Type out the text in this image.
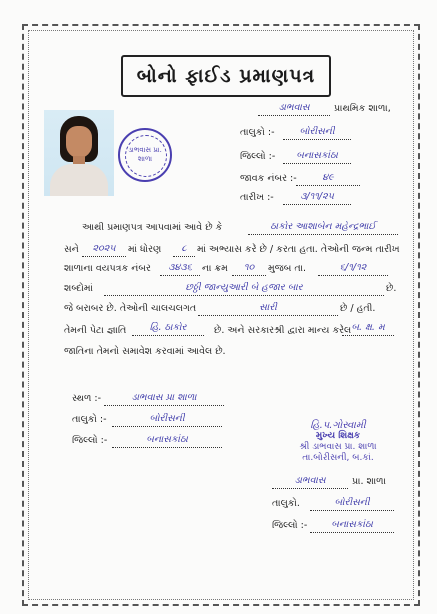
બોનો ફાઈડ પ્રમાણપત્ર
ડાભવાસ પ્રા. શાળા
ડાભવાસ	પ્રાથમિક શાળા,
તાલુકો :-	બોરીસની
જિલ્લો :-	બનાસકાંઠા
જાવક નંબર :-	૪૯
તારીખ :-	૩/૧૧/૨૫
આથી પ્રમાણપત્ર આપવામાં આવે છે કે	ઠાકોર આશાબેન મહેન્દ્રભાઈ
સને	૨૦૨૫	માં ધોરણ	૮	માં અભ્યાસ કરે છે / કરતા હતા. તેઓની જન્મ તારીખ
શાળાના વયપત્રક નંબર	૩૪૩૬	ના ક્રમ	૧૦	મુજબ તા.	૬/૧/૧૨
શબ્દોમાં	છઠ્ઠી જાન્યુઆરી બે હજાર બાર	છે.
જે બરાબર છે. તેઓની ચાલચલગત	સારી	છે / હતી.
તેમની પેટા જ્ઞાતિ	હિ. ઠાકોર	છે. અને સરકારશ્રી દ્વારા માન્ય કરેલ બ. ક્ષ. મ
જાતિના તેમનો સમાવેશ કરવામાં આવેલ છે.
સ્થળ :-	ડાભવાસ પ્રા શાળા
તાલુકો :-	બોરીસની
જિલ્લો :-	બનાસકાંઠા
હિ.પ.ગોસ્વામી
મુખ્ય શિક્ષક
શ્રી ડાભવાસ પ્રા. શાળા
તા.બોરીસની, બ.કાં.
ડાભવાસ	પ્રા. શાળા
તાલુકો.	બોરીસની
જિલ્લો :-	બનાસકાંઠા
